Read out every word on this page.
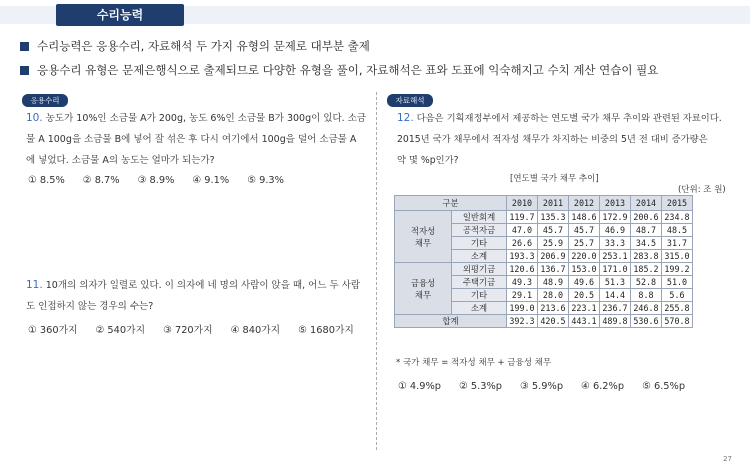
수리능력
수리능력은 응용수리, 자료해석 두 가지 유형의 문제로 대부분 출제
응용수리 유형은 문제은행식으로 출제되므로 다양한 유형을 풀이, 자료해석은 표와 도표에 익숙해지고 수치 계산 연습이 필요
응용수리
10. 농도가 10%인 소금물 A가 200g, 농도 6%인 소금물 B가 300g이 있다. 소금
물 A 100g을 소금물 B에 넣어 잘 섞은 후 다시 여기에서 100g을 덜어 소금물 A
에 넣었다. 소금물 A의 농도는 얼마가 되는가?
① 8.5% ② 8.7% ③ 8.9% ④ 9.1% ⑤ 9.3%
11. 10개의 의자가 일렬로 있다. 이 의자에 네 명의 사람이 앉을 때, 어느 두 사람
도 인접하지 않는 경우의 수는?
① 360가지 ② 540가지 ③ 720가지 ④ 840가지 ⑤ 1680가지
자료해석
12. 다음은 기획재정부에서 제공하는 연도별 국가 채무 추이와 관련된 자료이다.
2015년 국가 채무에서 적자성 채무가 차지하는 비중의 5년 전 대비 증가량은
약 몇 %p인가?
[연도별 국가 채무 추이]
(단위: 조 원)
구분		2010	2011	2012	2013	2014	2015
적자성
채무	일반회계	119.7	135.3	148.6	172.9	200.6	234.8
	공적자금	47.0	45.7	45.7	46.9	48.7	48.5
	기타	26.6	25.9	25.7	33.3	34.5	31.7
	소계	193.3	206.9	220.0	253.1	283.8	315.0
금융성
채무	외평기금	120.6	136.7	153.0	171.0	185.2	199.2
	주택기금	49.3	48.9	49.6	51.3	52.8	51.0
	기타	29.1	28.0	20.5	14.4	8.8	5.6
	소계	199.0	213.6	223.1	236.7	246.8	255.8
합계		392.3	420.5	443.1	489.8	530.6	570.8
* 국가 채무 = 적자성 채무 + 금융성 채무
① 4.9%p ② 5.3%p ③ 5.9%p ④ 6.2%p ⑤ 6.5%p
27
